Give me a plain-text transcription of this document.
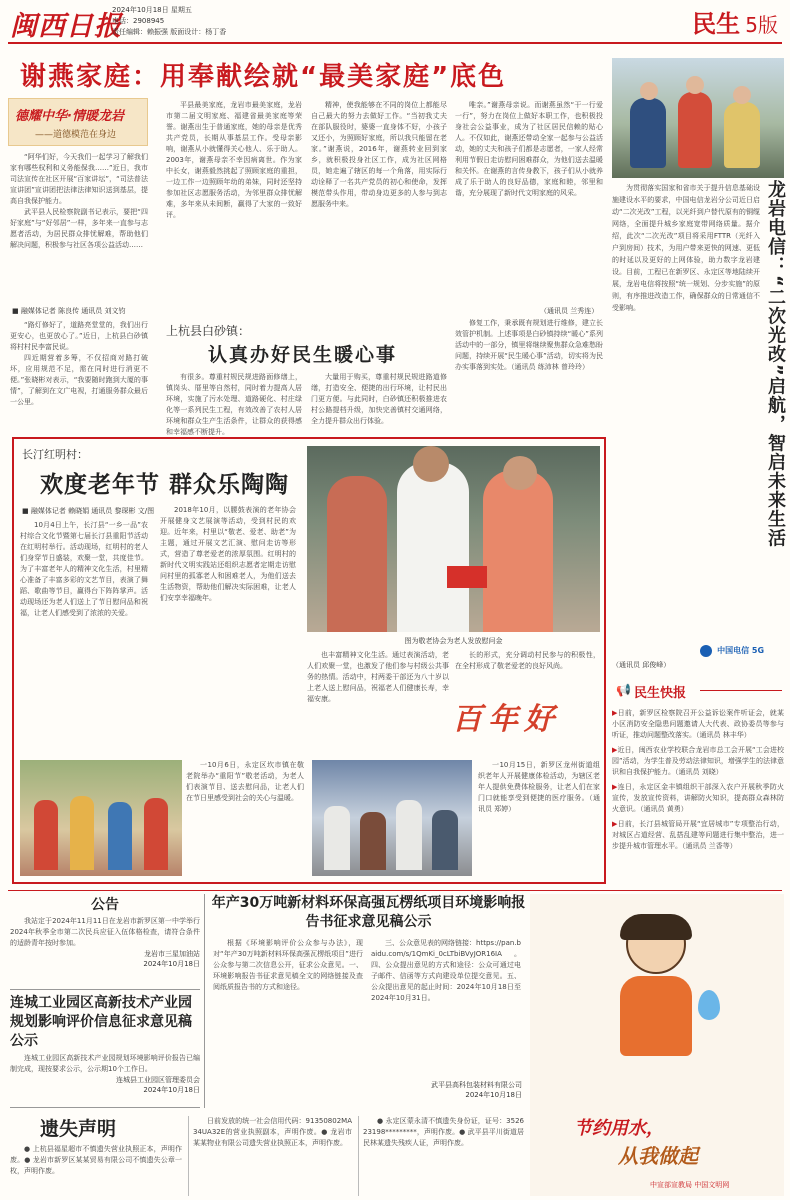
闽西日报
2024年10月18日 星期五
电话：2908945
责任编辑：赖振强 版面设计：杨丁香	民生 5版
谢燕家庭：用奉献绘就“最美家庭”底色
德耀中华·情暖龙岩
——道德模范在身边

“阿华们好，今天我们一起学习了解我们家有哪些权利和义务能保我……”近日，我市司法宣传在社区开展“百家讲坛”，“司法普法宣讲团”宣讲团把法律法律知识送到基层，提高自我保护能力。

武平县人民检察院副书记表示，要把“四好家庭”与“好邻居”一样，多年来一直参与志愿者活动，为居民群众排忧解难，帮助他们解决问题，积极参与社区各项公益活动……

平县最美家庭，龙岩市最美家庭，龙岩市第二届文明家庭、福建省最美家庭等荣誉。谢燕出生于普通家庭，她的母亲是优秀共产党员，长期从事基层工作。受母亲影响，谢燕从小就懂得关心他人、乐于助人。2003年，谢燕母亲不幸因病离世。作为家中长女，谢燕毅然挑起了照顾家庭的重担，一边工作一边照顾年幼的弟妹，同时还坚持参加社区志愿服务活动，为邻里群众排忧解难，多年来从未间断，赢得了大家的一致好评。

精神，使我能够在不同的岗位上都能尽自己最大的努力去做好工作。“当初我丈夫在部队服役时，婆婆一直身体不好，小孩子又还小，为照顾好家庭，所以我只能留在老家。”谢燕说，2016年，谢燕转业回到家乡，就积极投身社区工作，成为社区网格员，她走遍了辖区的每一个角落，用实际行动诠释了一名共产党员的初心和使命，发挥模范带头作用，带动身边更多的人参与到志愿服务中来。

唯亲。”谢燕母亲说。而谢燕虽然“干一行爱一行”，努力在岗位上做好本职工作，也积极投身社会公益事业，成为了社区居民信赖的贴心人。不仅如此，谢燕还带动全家一起参与公益活动，她的丈夫和孩子们都是志愿者，一家人经常利用节假日走访慰问困难群众，为他们送去温暖和关怀。在谢燕的言传身教下，孩子们从小就养成了乐于助人的良好品德，家庭和睦，邻里和谐，充分展现了新时代文明家庭的风采。

（通讯员 兰秀连）
■ 融媒体记者 陈良传 通讯员 刘文钧

“路灯修好了，道路亮堂堂的，我们出行更安心，也更放心了。”近日，上杭县白砂镇将村村民李富民说。

四近期营着多筹，不仅招商对路打破坏，应用规范不足，需在同时进行消更不便。”张晓彬对表示，“我要随时跑到大厦的事情”，了解到在文广电视，打通服务群众最后一公里。

上杭县白砂镇：
认真办好民生暖心事

有很多。尊重村规民规进路面修缮上，镇岗头、厝里等自然村，同时着力提高人居环境，实施了污水处理、道路硬化、村庄绿化等一系列民生工程，有效改善了农村人居环境和群众生产生活条件，让群众的获得感和幸福感不断提升。

大量用于购买，尊重村规民规进路道修缮，打造安全、便捷的出行环境，让村民出门更方便。与此同时，白砂镇还积极推进农村公路提档升级，加快完善镇村交通网络，全力提升群众出行体验。

修复工作，秉承既有规划进行维修，建立长效管护机制。上述事项是白砂镇持续“暖心”系列活动中的一部分，镇里将继续聚焦群众急难愁盼问题，持续开展“民生暖心事”活动，切实将为民办实事落到实处。（通讯员 练沛林 曾玲玲）

长汀红明村：
欢度老年节 群众乐陶陶
■ 融媒体记者 赖晓娟 通讯员 黎琛彬 文/图

10月4日上午，长汀县“一乡一品”农村综合文化节暨第七届长汀县重阳节活动在红明村举行。活动现场，红明村的老人们身穿节日盛装，欢聚一堂，共度佳节。为了丰富老年人的精神文化生活，村里精心准备了丰富多彩的文艺节目，表演了舞蹈、歌曲等节目，赢得台下阵阵掌声。活动现场还为老人们送上了节日慰问品和祝福，让老人们感受到了浓浓的关爱。

2018年10月，以腰鼓表演的老年协会开展健身文艺展演等活动，受到村民的欢迎。近年来，村里以“敬老、爱老、助老”为主题，通过开展文艺汇演、慰问走访等形式，营造了尊老爱老的浓厚氛围。红明村的新时代文明实践站还组织志愿者定期走访慰问村里的孤寡老人和困难老人，为他们送去生活物资，帮助他们解决实际困难，让老人们安享幸福晚年。

图为敬老协会为老人发放慰问金

也丰富精神文化生活。通过表演活动，老人们欢聚一堂，也激发了他们参与村级公共事务的热情。活动中，村两委干部还为八十岁以上老人送上慰问品，祝福老人们健康长寿，幸福安康。

长的形式，充分调动村民参与的积极性，在全村形成了敬老爱老的良好风尚。

百年好

一10月6日，永定区坎市镇在敬老院举办“重阳节”敬老活动，为老人们表演节目、送去慰问品，让老人们在节日里感受到社会的关心与温暖。

一10月15日，新罗区龙州街道组织老年人开展健康体检活动，为辖区老年人提供免费体检服务，让老人们在家门口就能享受到便捷的医疗服务。（通讯员 郑婷）

为贯彻落实国家和省市关于提升信息基础设施建设水平的要求，中国电信龙岩分公司近日启动“二次光改”工程，以光纤到户替代原有的铜缆网络，全面提升城乡家庭宽带网络质量。据介绍，此次“二次光改”项目将采用FTTR（光纤入户到房间）技术，为用户带来更快的网速、更低的时延以及更好的上网体验，助力数字龙岩建设。目前，工程已在新罗区、永定区等地陆续开展，龙岩电信将按照“统一规划、分步实施”的原则，有序推进改造工作，确保群众的日常通信不受影响。	龙岩电信：“二次光改”启航，智启未来生活
中国电信 5G
（通讯员 邱俊峰）
📢 民生快报
▶日前，新罗区检察院召开公益诉讼案件听证会，就某小区消防安全隐患问题邀请人大代表、政协委员等参与听证，推动问题整改落实。（通讯员 林丰华）
▶近日，闽西农业学校联合龙岩市总工会开展“工会进校园”活动，为学生普及劳动法律知识，增强学生的法律意识和自我保护能力。（通讯员 刘晓）
▶连日，永定区金丰镇组织干部深入农户开展秋季防火宣传，发放宣传资料，讲解防火知识，提高群众森林防火意识。（通讯员 黄勇）
▶日前，长汀县城管局开展“宜居城市”专项整治行动，对城区占道经营、乱搭乱建等问题进行集中整治，进一步提升城市管理水平。（通讯员 兰香等）
公告

我站定于2024年11月11日在龙岩市新罗区第一中学举行2024年秋季全市第二次民兵应征入伍体格检查，请符合条件的适龄青年按时参加。

龙岩市三星加油站
2024年10月18日
连城工业园区高新技术产业园规划影响评价信息征求意见稿公示

连城工业园区高新技术产业园规划环境影响评价报告已编制完成，现按要求公示，公示期10个工作日。

连城县工业园区管理委员会
2024年10月18日
年产30万吨新材料环保高强瓦楞纸项目环境影响报告书征求意见稿公示

根据《环境影响评价公众参与办法》，现对“年产30万吨新材料环保高强瓦楞纸项目”进行公众参与第二次信息公开，征求公众意见。一、环境影响报告书征求意见稿全文的网络链接及查阅纸质报告书的方式和途径。

三、公众意见表的网络链接：https://pan.baidu.com/s/1QmKi_0cLTbiBVyJOR16IA。四、公众提出意见的方式和途径：公众可通过电子邮件、信函等方式向建设单位提交意见。五、公众提出意见的起止时间：2024年10月18日至2024年10月31日。

武平县高科包装材料有限公司
2024年10月18日
遗失声明

● 上杭县福星超市不慎遗失营业执照正本，声明作废。● 龙岩市新罗区某某贸易有限公司不慎遗失公章一枚，声明作废。

日前发放的统一社会信用代码：91350802MA34UA32E的营业执照副本，声明作废。● 龙岩市某某物业有限公司遗失营业执照正本，声明作废。

● 永定区蒙永清不慎遗失身份证，证号：352623198*********，声明作废。● 武平县平川街道居民林某遗失残疾人证，声明作废。

节约用水，
从我做起
中宣部宣教局 中国文明网
